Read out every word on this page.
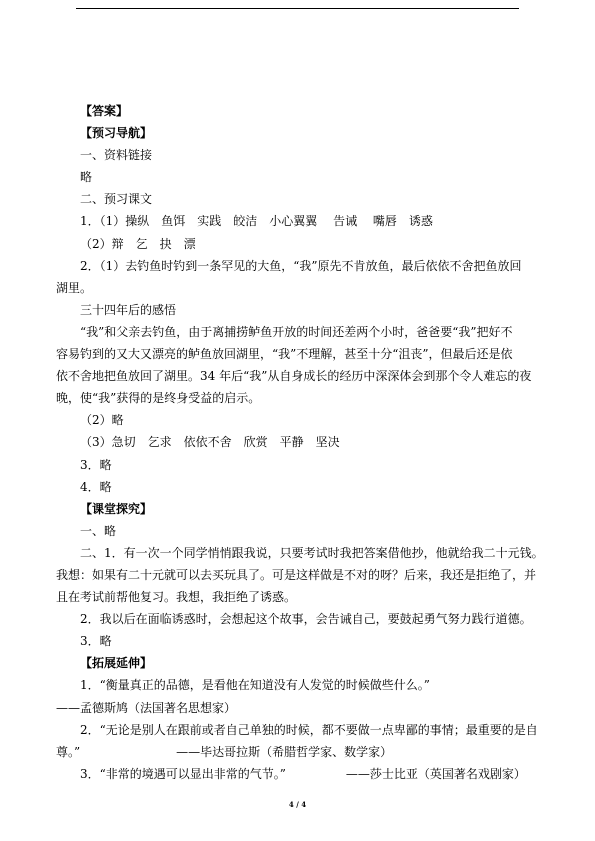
【答案】
【预习导航】
一、资料链接
略
二、预习课文
1．（1）操纵　鱼饵　实践　皎洁　小心翼翼　 告诫　 嘴唇　诱惑
（2）辩　乞　抉　漂
2．（1）去钓鱼时钓到一条罕见的大鱼，“我”原先不肯放鱼，最后依依不舍把鱼放回
湖里。
三十四年后的感悟
“我”和父亲去钓鱼，由于离捕捞鲈鱼开放的时间还差两个小时，爸爸要“我”把好不
容易钓到的又大又漂亮的鲈鱼放回湖里，“我”不理解，甚至十分“沮丧”，但最后还是依
依不舍地把鱼放回了湖里。34 年后“我”从自身成长的经历中深深体会到那个令人难忘的夜
晚，使“我”获得的是终身受益的启示。
（2）略
（3）急切　乞求　依依不舍　欣赏　平静　坚决
3．略
4．略
【课堂探究】
一、略
二、1．有一次一个同学悄悄跟我说，只要考试时我把答案借他抄，他就给我二十元钱。
我想：如果有二十元就可以去买玩具了。可是这样做是不对的呀？后来，我还是拒绝了，并
且在考试前帮他复习。我想，我拒绝了诱惑。
2．我以后在面临诱惑时，会想起这个故事，会告诫自己，要鼓起勇气努力践行道德。
3．略
【拓展延伸】
1．“衡量真正的品德，是看他在知道没有人发觉的时候做些什么。”
——孟德斯鸠（法国著名思想家）
2．“无论是别人在跟前或者自己单独的时候，都不要做一点卑鄙的事情；最重要的是自
尊。”　　　　　　　　——毕达哥拉斯（希腊哲学家、数学家）
3．“非常的境遇可以显出非常的气节。”　　　　　——莎士比亚（英国著名戏剧家）
4 / 4
